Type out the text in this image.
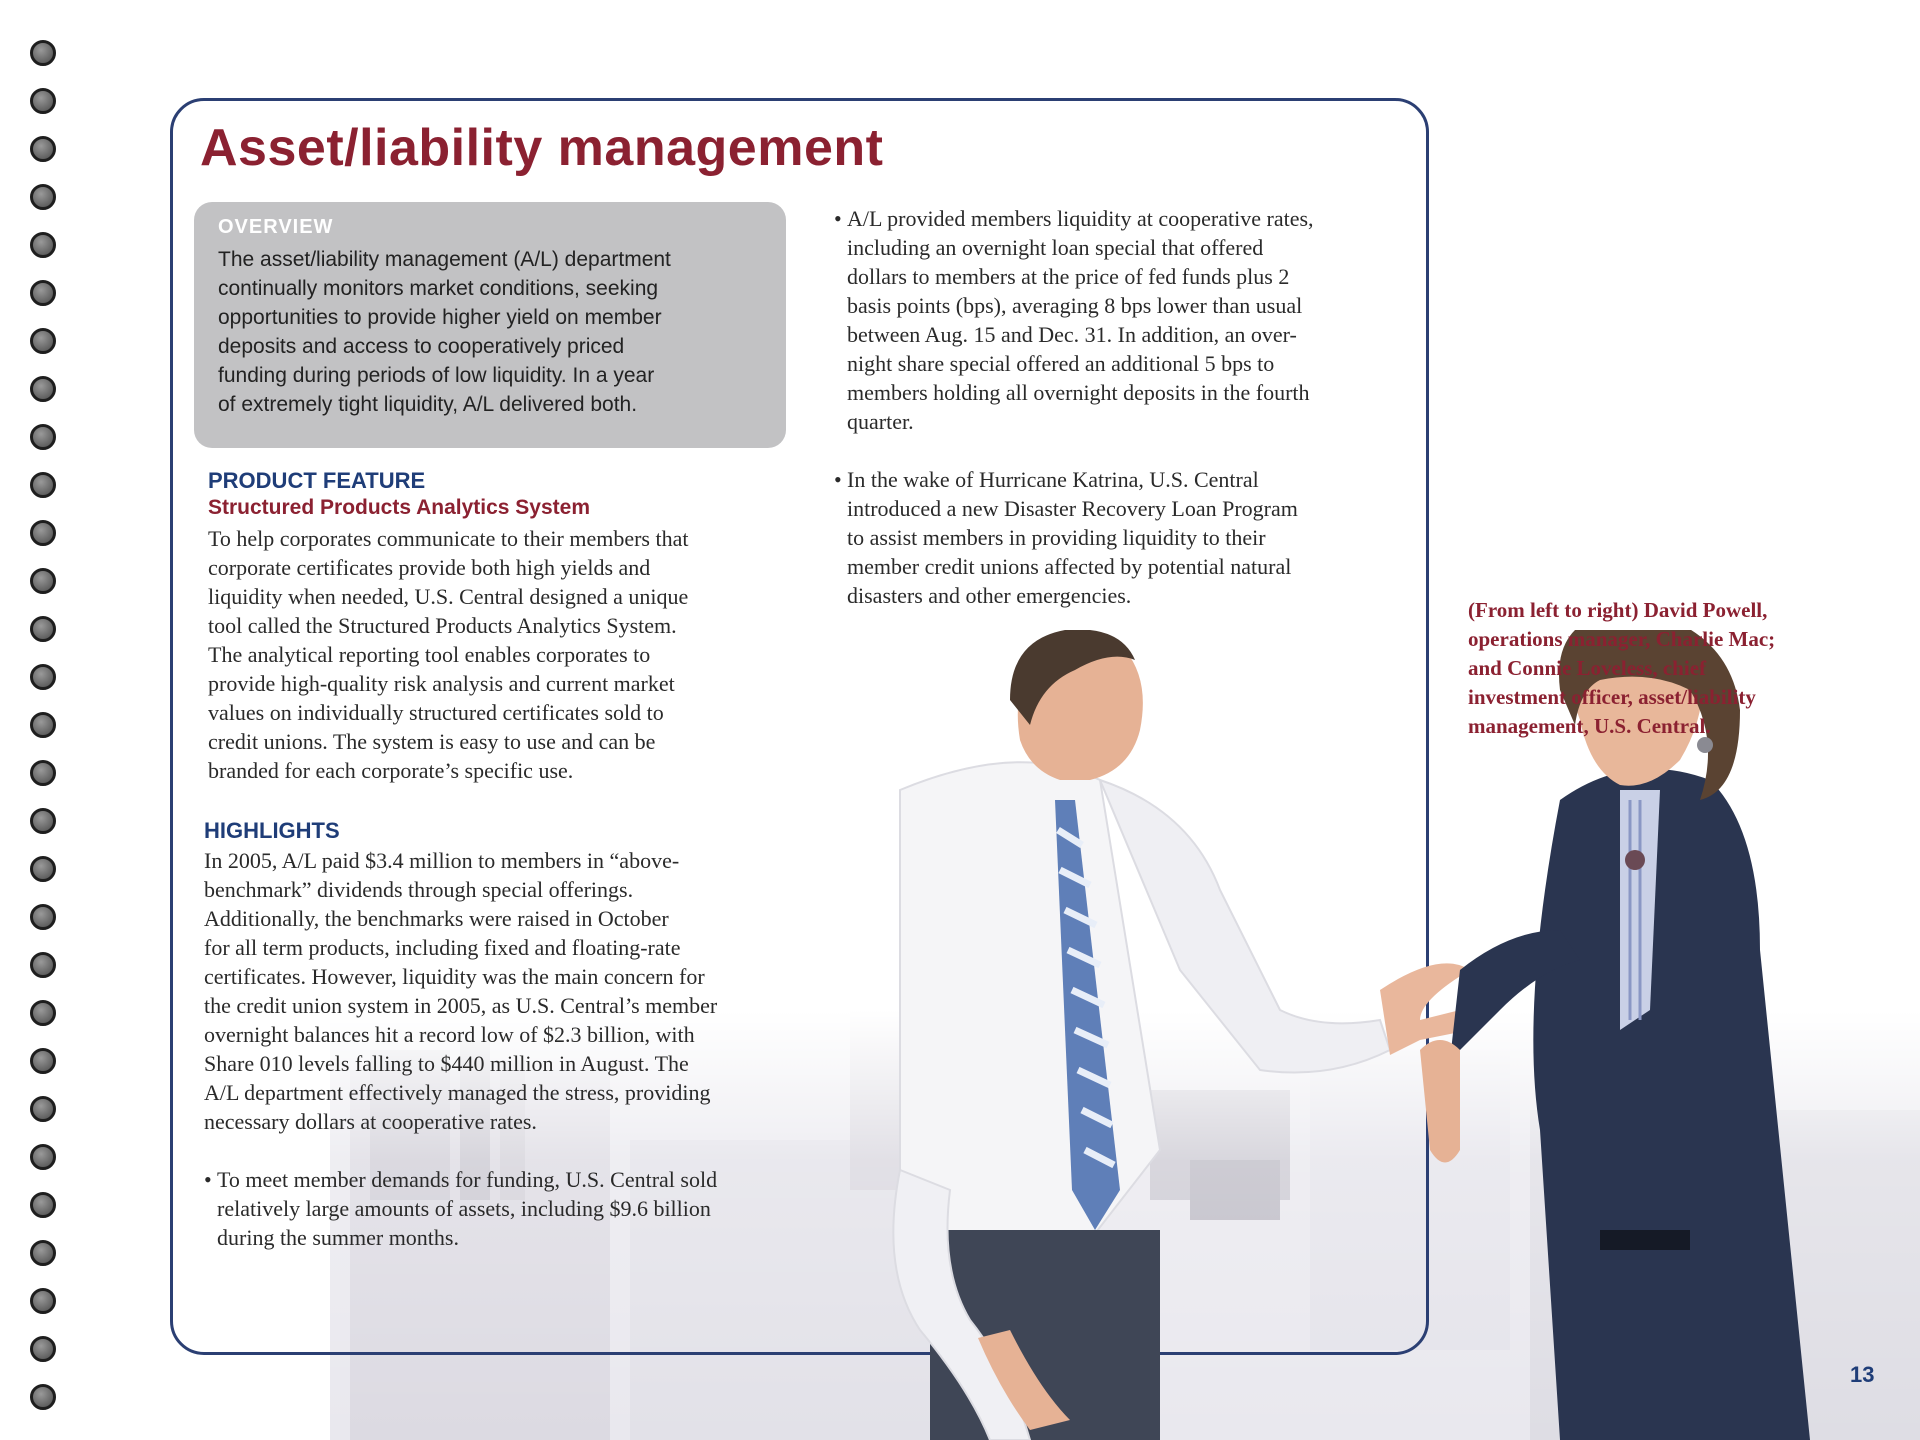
Asset/liability management
OVERVIEW
The asset/liability management (A/L) department
continually monitors market conditions, seeking
opportunities to provide higher yield on member
deposits and access to cooperatively priced
funding during periods of low liquidity. In a year
of extremely tight liquidity, A/L delivered both.
PRODUCT FEATURE
Structured Products Analytics System
To help corporates communicate to their members that
corporate certificates provide both high yields and
liquidity when needed, U.S. Central designed a unique
tool called the Structured Products Analytics System.
The analytical reporting tool enables corporates to
provide high-quality risk analysis and current market
values on individually structured certificates sold to
credit unions. The system is easy to use and can be
branded for each corporate’s specific use.
HIGHLIGHTS
In 2005, A/L paid $3.4 million to members in “above-
benchmark” dividends through special offerings.
Additionally, the benchmarks were raised in October
for all term products, including fixed and floating-rate
certificates. However, liquidity was the main concern for
the credit union system in 2005, as U.S. Central’s member
overnight balances hit a record low of $2.3 billion, with
Share 010 levels falling to $440 million in August. The
A/L department effectively managed the stress, providing
necessary dollars at cooperative rates.
• To meet member demands for funding, U.S. Central sold
relatively large amounts of assets, including $9.6 billion
during the summer months.
• A/L provided members liquidity at cooperative rates,
including an overnight loan special that offered
dollars to members at the price of fed funds plus 2
basis points (bps), averaging 8 bps lower than usual
between Aug. 15 and Dec. 31. In addition, an over-
night share special offered an additional 5 bps to
members holding all overnight deposits in the fourth
quarter.
• In the wake of Hurricane Katrina, U.S. Central
introduced a new Disaster Recovery Loan Program
to assist members in providing liquidity to their
member credit unions affected by potential natural
disasters and other emergencies.
(From left to right) David Powell,
operations manager, Charlie Mac;
and Connie Loveless, chief
investment officer, asset/liability
management, U.S. Central.
13
